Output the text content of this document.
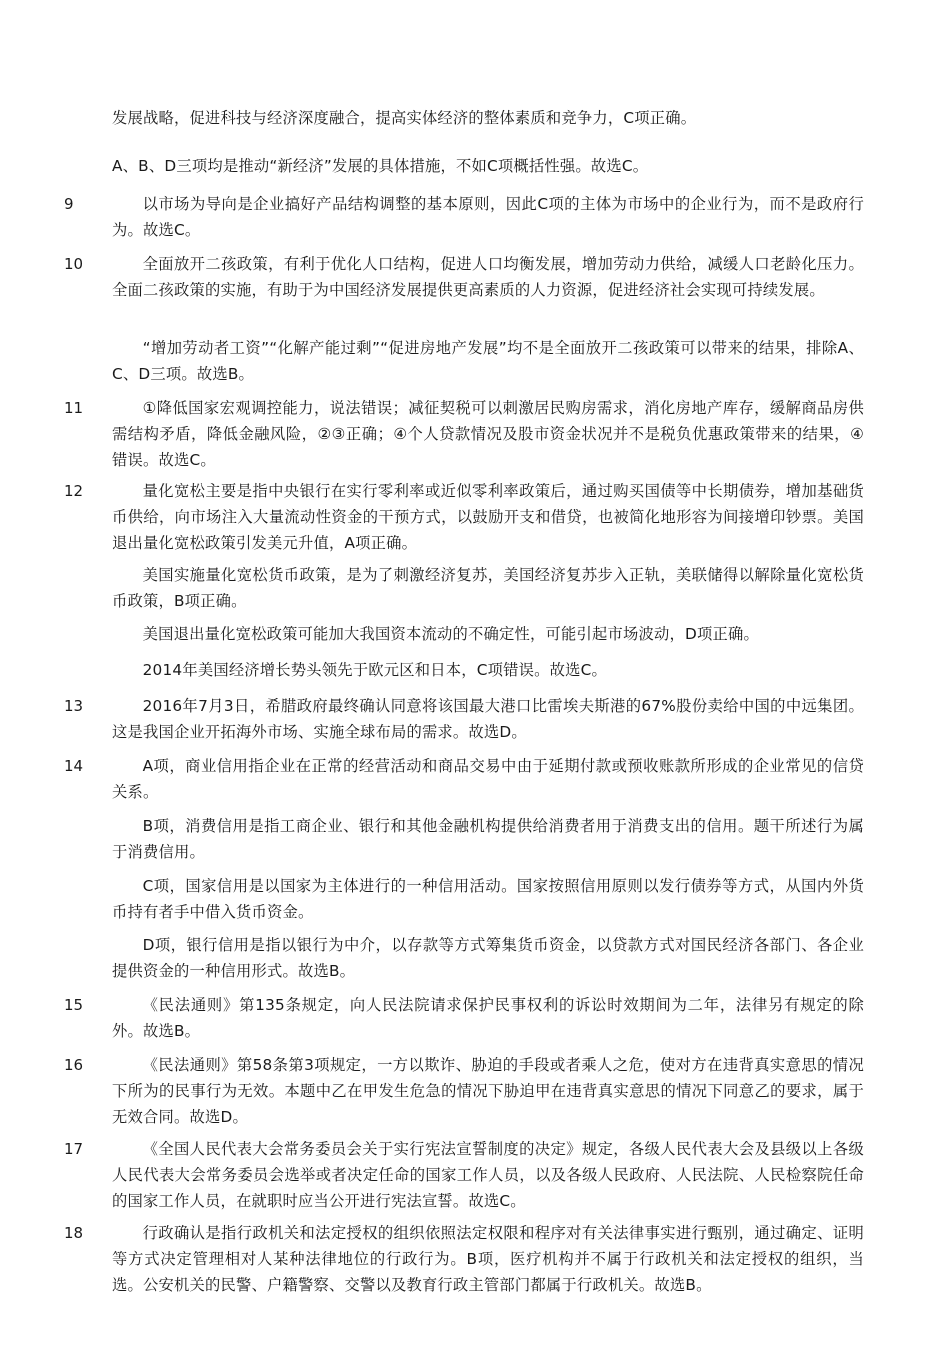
发展战略，促进科技与经济深度融合，提高实体经济的整体素质和竞争力，C项正确。
A、B、D三项均是推动“新经济”发展的具体措施，不如C项概括性强。故选C。
9	以市场为导向是企业搞好产品结构调整的基本原则，因此C项的主体为市场中的企业行为，而不是政府行为。故选C。
10	全面放开二孩政策，有利于优化人口结构，促进人口均衡发展，增加劳动力供给，减缓人口老龄化压力。全面二孩政策的实施，有助于为中国经济发展提供更高素质的人力资源，促进经济社会实现可持续发展。
“增加劳动者工资”“化解产能过剩”“促进房地产发展”均不是全面放开二孩政策可以带来的结果，排除A、C、D三项。故选B。
11	①降低国家宏观调控能力，说法错误；减征契税可以刺激居民购房需求，消化房地产库存，缓解商品房供需结构矛盾，降低金融风险，②③正确；④个人贷款情况及股市资金状况并不是税负优惠政策带来的结果，④错误。故选C。
12	量化宽松主要是指中央银行在实行零利率或近似零利率政策后，通过购买国债等中长期债券，增加基础货币供给，向市场注入大量流动性资金的干预方式，以鼓励开支和借贷，也被简化地形容为间接增印钞票。美国退出量化宽松政策引发美元升值，A项正确。
美国实施量化宽松货币政策，是为了刺激经济复苏，美国经济复苏步入正轨，美联储得以解除量化宽松货币政策，B项正确。
美国退出量化宽松政策可能加大我国资本流动的不确定性，可能引起市场波动，D项正确。
2014年美国经济增长势头领先于欧元区和日本，C项错误。故选C。
13	2016年7月3日，希腊政府最终确认同意将该国最大港口比雷埃夫斯港的67%股份卖给中国的中远集团。这是我国企业开拓海外市场、实施全球布局的需求。故选D。
14	A项，商业信用指企业在正常的经营活动和商品交易中由于延期付款或预收账款所形成的企业常见的信贷关系。
B项，消费信用是指工商企业、银行和其他金融机构提供给消费者用于消费支出的信用。题干所述行为属于消费信用。
C项，国家信用是以国家为主体进行的一种信用活动。国家按照信用原则以发行债券等方式，从国内外货币持有者手中借入货币资金。
D项，银行信用是指以银行为中介，以存款等方式筹集货币资金，以贷款方式对国民经济各部门、各企业提供资金的一种信用形式。故选B。
15	《民法通则》第135条规定，向人民法院请求保护民事权利的诉讼时效期间为二年，法律另有规定的除外。故选B。
16	《民法通则》第58条第3项规定，一方以欺诈、胁迫的手段或者乘人之危，使对方在违背真实意思的情况下所为的民事行为无效。本题中乙在甲发生危急的情况下胁迫甲在违背真实意思的情况下同意乙的要求，属于无效合同。故选D。
17	《全国人民代表大会常务委员会关于实行宪法宣誓制度的决定》规定，各级人民代表大会及县级以上各级人民代表大会常务委员会选举或者决定任命的国家工作人员，以及各级人民政府、人民法院、人民检察院任命的国家工作人员，在就职时应当公开进行宪法宣誓。故选C。
18	行政确认是指行政机关和法定授权的组织依照法定权限和程序对有关法律事实进行甄别，通过确定、证明等方式决定管理相对人某种法律地位的行政行为。B项，医疗机构并不属于行政机关和法定授权的组织，当选。公安机关的民警、户籍警察、交警以及教育行政主管部门都属于行政机关。故选B。
